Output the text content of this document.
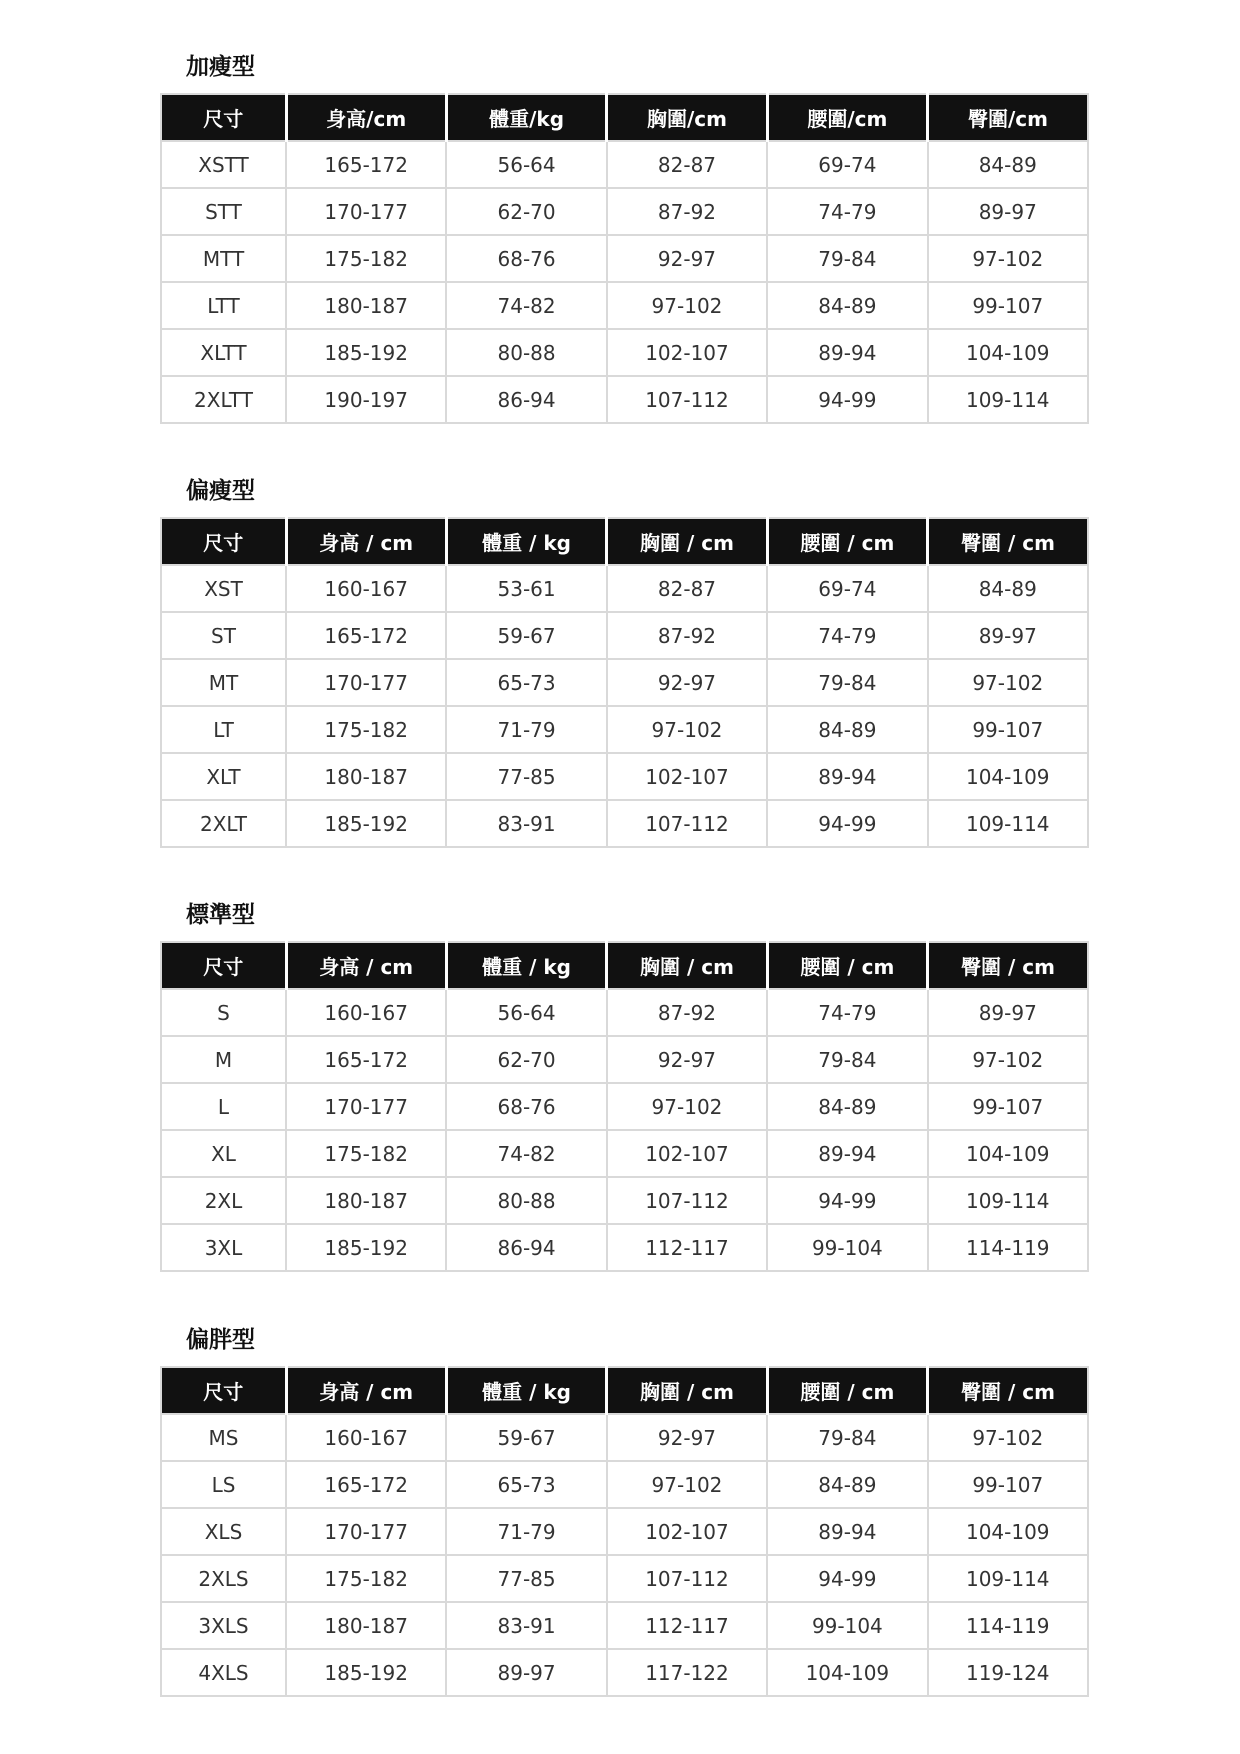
加瘦型
尺寸	身高/cm	體重/kg	胸圍/cm	腰圍/cm	臀圍/cm
XSTT	165-172	56-64	82-87	69-74	84-89
STT	170-177	62-70	87-92	74-79	89-97
MTT	175-182	68-76	92-97	79-84	97-102
LTT	180-187	74-82	97-102	84-89	99-107
XLTT	185-192	80-88	102-107	89-94	104-109
2XLTT	190-197	86-94	107-112	94-99	109-114
偏瘦型
尺寸	身高 / cm	體重 / kg	胸圍 / cm	腰圍 / cm	臀圍 / cm
XST	160-167	53-61	82-87	69-74	84-89
ST	165-172	59-67	87-92	74-79	89-97
MT	170-177	65-73	92-97	79-84	97-102
LT	175-182	71-79	97-102	84-89	99-107
XLT	180-187	77-85	102-107	89-94	104-109
2XLT	185-192	83-91	107-112	94-99	109-114
標準型
尺寸	身高 / cm	體重 / kg	胸圍 / cm	腰圍 / cm	臀圍 / cm
S	160-167	56-64	87-92	74-79	89-97
M	165-172	62-70	92-97	79-84	97-102
L	170-177	68-76	97-102	84-89	99-107
XL	175-182	74-82	102-107	89-94	104-109
2XL	180-187	80-88	107-112	94-99	109-114
3XL	185-192	86-94	112-117	99-104	114-119
偏胖型
尺寸	身高 / cm	體重 / kg	胸圍 / cm	腰圍 / cm	臀圍 / cm
MS	160-167	59-67	92-97	79-84	97-102
LS	165-172	65-73	97-102	84-89	99-107
XLS	170-177	71-79	102-107	89-94	104-109
2XLS	175-182	77-85	107-112	94-99	109-114
3XLS	180-187	83-91	112-117	99-104	114-119
4XLS	185-192	89-97	117-122	104-109	119-124
